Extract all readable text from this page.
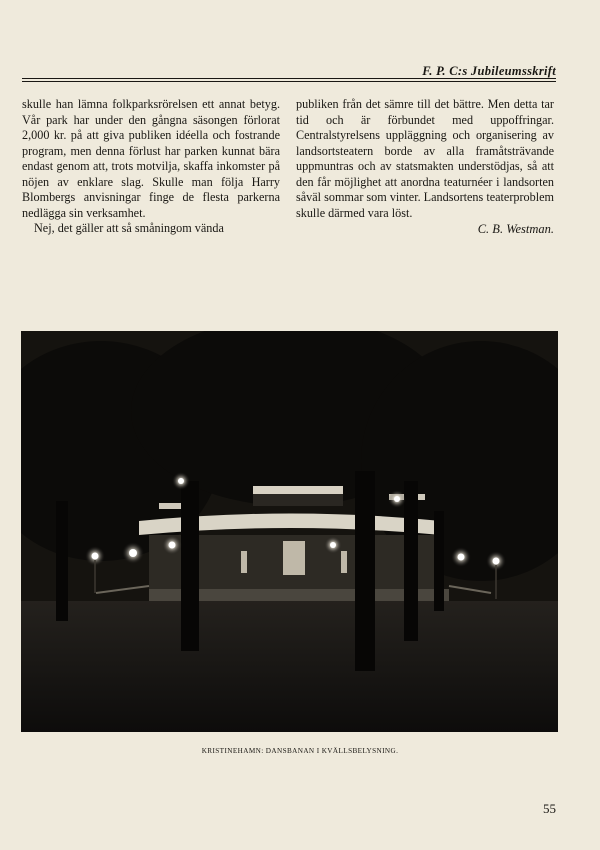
F. P. C:s Jubileumsskrift

skulle han lämna folkparksrörelsen ett annat betyg. Vår park har under den gångna säsongen förlorat 2,000 kr. på att giva publiken idéella och fostrande program, men denna förlust har parken kunnat bära endast genom att, trots motvilja, skaffa inkomster på nöjen av enklare slag. Skulle man följa Harry Blombergs anvisningar finge de flesta parkerna nedlägga sin verksamhet.

Nej, det gäller att så småningom vända

publiken från det sämre till det bättre. Men detta tar tid och är förbundet med uppoffringar. Centralstyrelsens uppläggning och organisering av landsortsteatern borde av alla framåtsträvande uppmuntras och av statsmakten understödjas, så att den får möjlighet att anordna teaturnéer i landsorten såväl sommar som vinter. Landsortens teaterproblem skulle därmed vara löst.

C. B. Westman.
KRISTINEHAMN: DANSBANAN I KVÄLLSBELYSNING.
55
